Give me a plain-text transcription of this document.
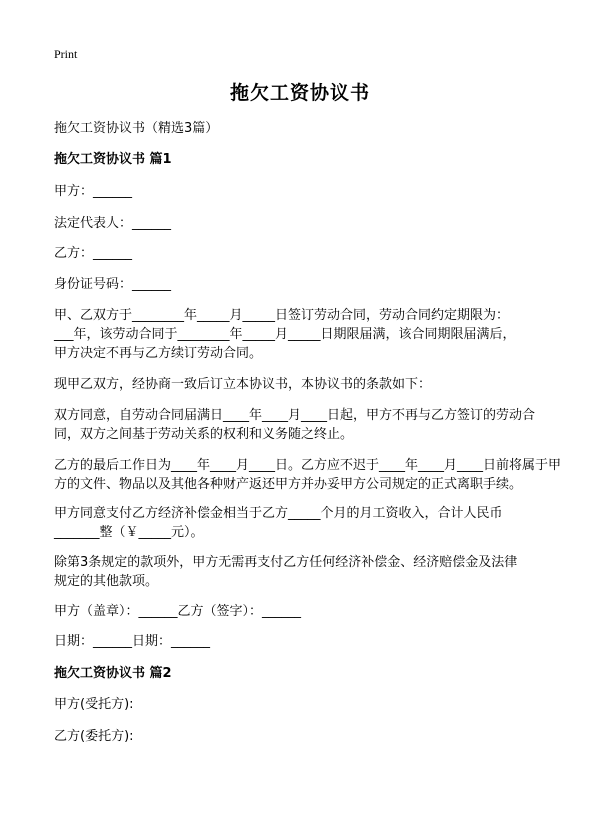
Print
拖欠工资协议书
拖欠工资协议书（精选3篇）
拖欠工资协议书 篇1
甲方：______
法定代表人：______
乙方：______
身份证号码：______
甲、乙双方于________年_____月_____日签订劳动合同，劳动合同约定期限为：
___年，该劳动合同于________年_____月_____日期限届满，该合同期限届满后，
甲方决定不再与乙方续订劳动合同。
现甲乙双方，经协商一致后订立本协议书，本协议书的条款如下：
双方同意，自劳动合同届满日____年____月____日起，甲方不再与乙方签订的劳动合
同，双方之间基于劳动关系的权利和义务随之终止。
乙方的最后工作日为____年____月____日。乙方应不迟于____年____月____日前将属于甲
方的文件、物品以及其他各种财产返还甲方并办妥甲方公司规定的正式离职手续。
甲方同意支付乙方经济补偿金相当于乙方_____个月的月工资收入，合计人民币
_______整（￥_____元）。
除第3条规定的款项外，甲方无需再支付乙方任何经济补偿金、经济赔偿金及法律
规定的其他款项。
甲方（盖章）：______乙方（签字）：______
日期：______日期：______
拖欠工资协议书 篇2
甲方(受托方):
乙方(委托方):
